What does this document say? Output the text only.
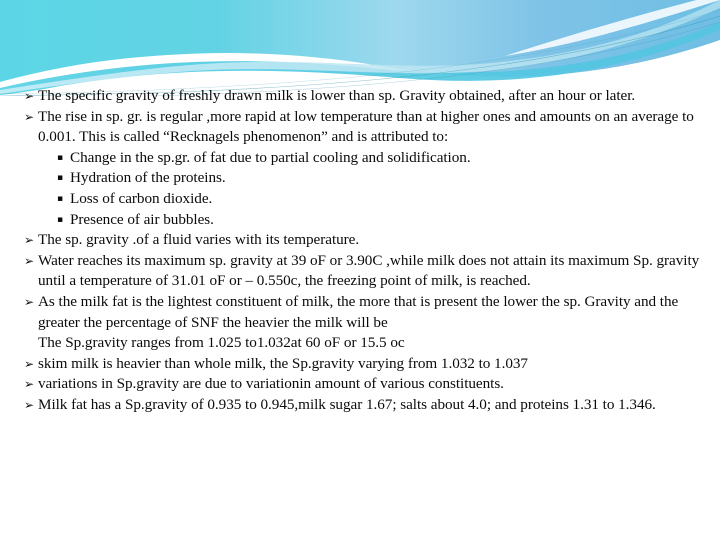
➢ The specific gravity of freshly drawn milk is lower than sp. Gravity obtained, after an hour or later.

➢ The rise in sp. gr. is regular ,more rapid at low temperature than at higher ones and amounts on an average to 0.001. This is called “Recknagels phenomenon” and is attributed to:

▪ Change in the sp.gr. of fat due to partial cooling and solidification.

▪ Hydration of the proteins.

▪ Loss of carbon dioxide.

▪ Presence of air bubbles.

➢ The sp. gravity .of a fluid varies with its temperature.

➢ Water reaches its maximum sp. gravity at 39 oF or 3.90C ,while milk does not attain its maximum Sp. gravity until a temperature of 31.01 oF or – 0.550c, the freezing point of milk, is reached.

➢ As the milk fat is the lightest constituent of milk, the more that is present the lower the sp. Gravity and the greater the percentage of SNF the heavier the milk will be

The Sp.gravity ranges from 1.025 to1.032at 60 oF or 15.5 oc

➢ skim milk is heavier than whole milk, the Sp.gravity varying from 1.032 to 1.037

➢ variations in Sp.gravity are due to variationin amount of various constituents.

➢ Milk fat has a Sp.gravity of 0.935 to 0.945,milk sugar 1.67; salts about 4.0; and proteins 1.31 to 1.346.
